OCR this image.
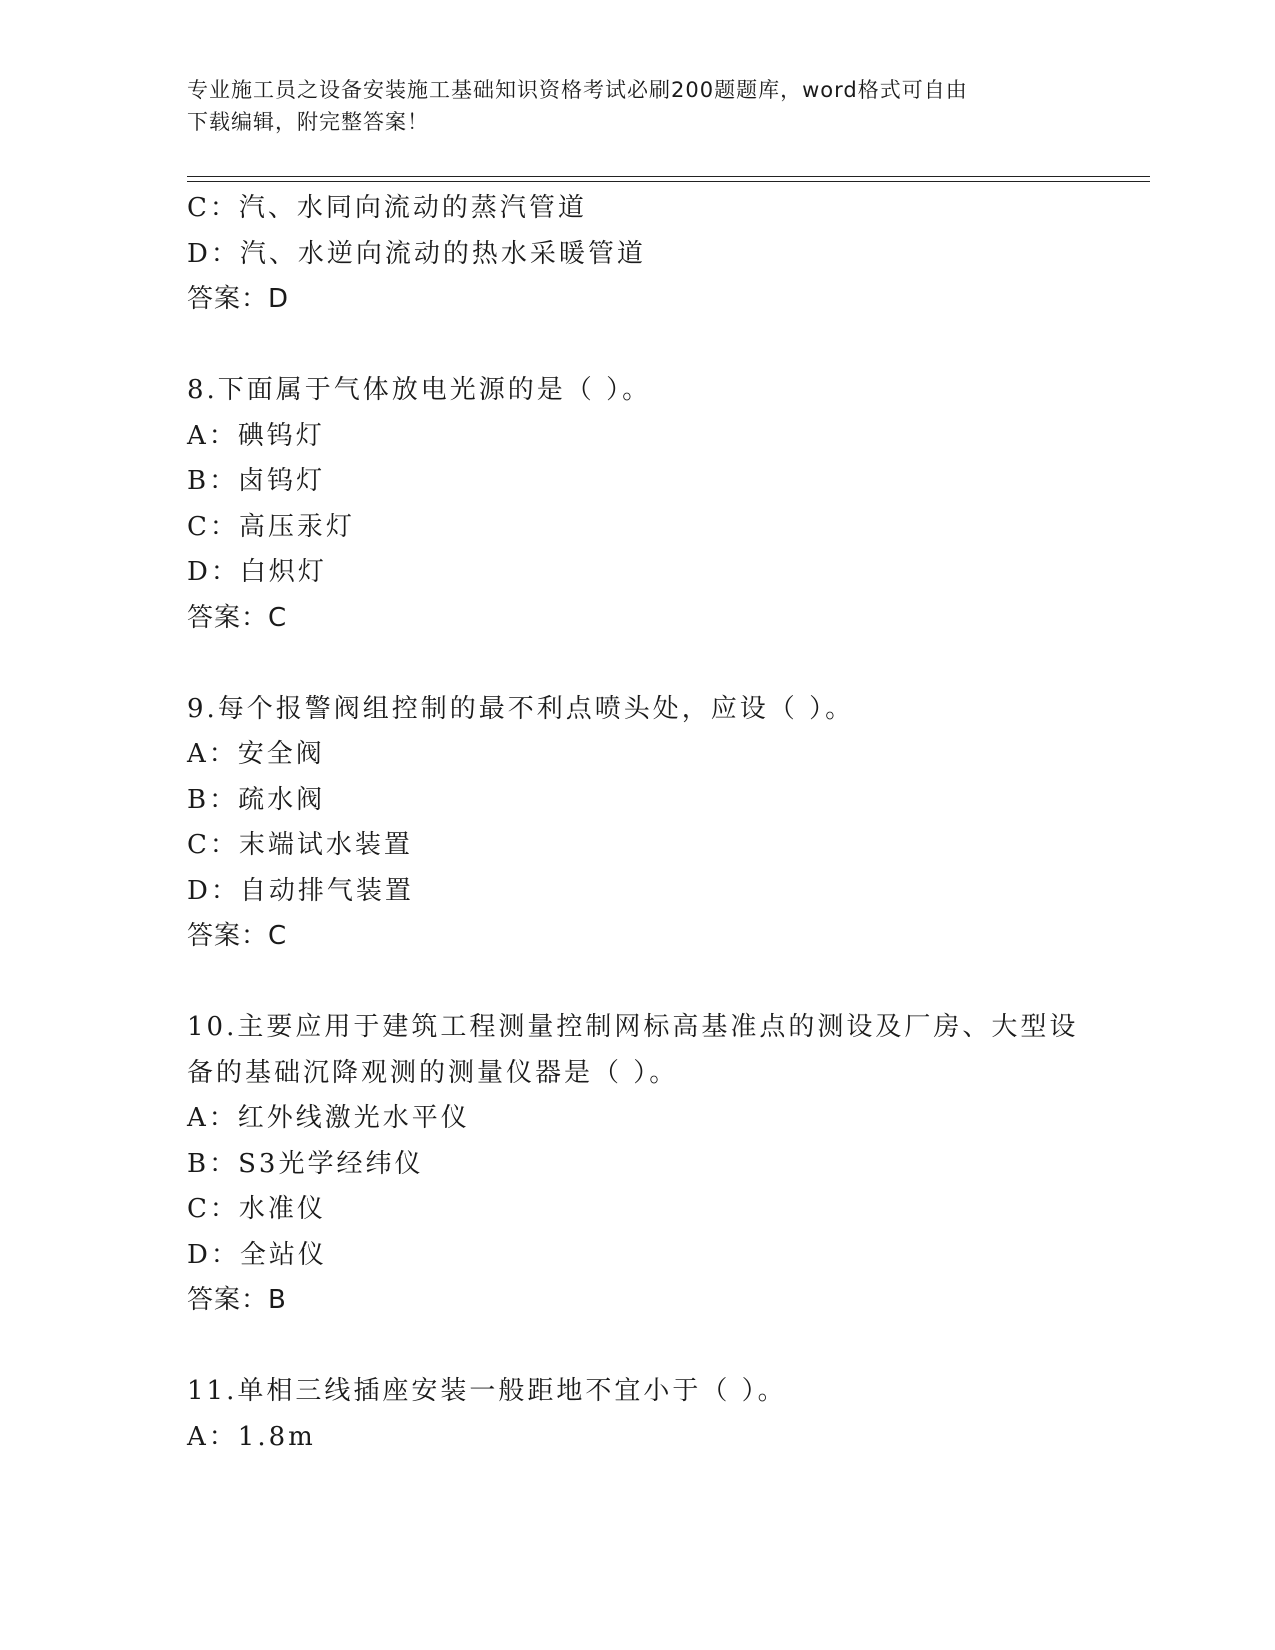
专业施工员之设备安装施工基础知识资格考试必刷200题题库，word格式可自由
下载编辑，附完整答案！
C：汽、水同向流动的蒸汽管道
D：汽、水逆向流动的热水采暖管道
答案：D
8.下面属于气体放电光源的是（ ）。
A：碘钨灯
B：卤钨灯
C：高压汞灯
D：白炽灯
答案：C
9.每个报警阀组控制的最不利点喷头处，应设（ ）。
A：安全阀
B：疏水阀
C：末端试水装置
D：自动排气装置
答案：C
10.主要应用于建筑工程测量控制网标高基准点的测设及厂房、大型设
备的基础沉降观测的测量仪器是（ ）。
A：红外线激光水平仪
B：S3光学经纬仪
C：水准仪
D：全站仪
答案：B
11.单相三线插座安装一般距地不宜小于（ ）。
A：1.8m
